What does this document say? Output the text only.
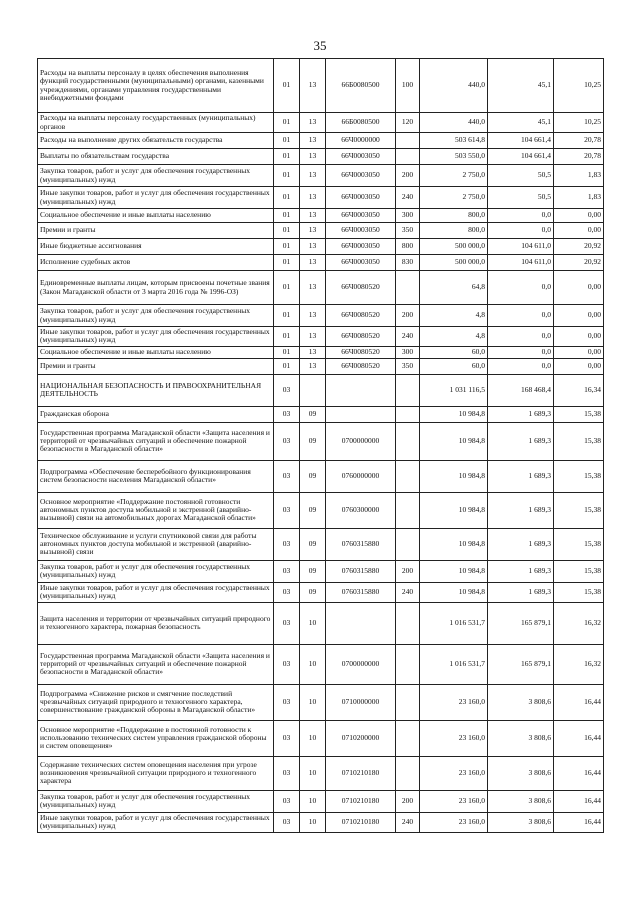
35
Расходы на выплаты персоналу в целях обеспечения выполнения функций государственными (муниципальными) органами, казенными учреждениями, органами управления государственными внебюджетными фондами	01	13	66Б0080500	100	440,0	45,1	10,25
Расходы на выплаты персоналу государственных (муниципальных) органов	01	13	66Б0080500	120	440,0	45,1	10,25
Расходы на выполнение других обязательств государства	01	13	66Ч0000000		503 614,8	104 661,4	20,78
Выплаты по обязательствам государства	01	13	66Ч0003050		503 550,0	104 661,4	20,78
Закупка товаров, работ и услуг для обеспечения государственных (муниципальных) нужд	01	13	66Ч0003050	200	2 750,0	50,5	1,83
Иные закупки товаров, работ и услуг для обеспечения государственных (муниципальных) нужд	01	13	66Ч0003050	240	2 750,0	50,5	1,83
Социальное обеспечение и иные выплаты населению	01	13	66Ч0003050	300	800,0	0,0	0,00
Премии и гранты	01	13	66Ч0003050	350	800,0	0,0	0,00
Иные бюджетные ассигнования	01	13	66Ч0003050	800	500 000,0	104 611,0	20,92
Исполнение судебных актов	01	13	66Ч0003050	830	500 000,0	104 611,0	20,92
Единовременные выплаты лицам, которым присвоены почетные звания (Закон Магаданской области от 3 марта 2016 года № 1996-ОЗ)	01	13	66Ч0080520		64,8	0,0	0,00
Закупка товаров, работ и услуг для обеспечения государственных (муниципальных) нужд	01	13	66Ч0080520	200	4,8	0,0	0,00
Иные закупки товаров, работ и услуг для обеспечения государственных (муниципальных) нужд	01	13	66Ч0080520	240	4,8	0,0	0,00
Социальное обеспечение и иные выплаты населению	01	13	66Ч0080520	300	60,0	0,0	0,00
Премии и гранты	01	13	66Ч0080520	350	60,0	0,0	0,00
НАЦИОНАЛЬНАЯ БЕЗОПАСНОСТЬ И ПРАВООХРАНИТЕЛЬНАЯ ДЕЯТЕЛЬНОСТЬ	03				1 031 116,5	168 468,4	16,34
Гражданская оборона	03	09			10 984,8	1 689,3	15,38
Государственная программа Магаданской области «Защита населения и территорий от чрезвычайных ситуаций и обеспечение пожарной безопасности в Магаданской области»	03	09	0700000000		10 984,8	1 689,3	15,38
Подпрограмма «Обеспечение бесперебойного функционирования систем безопасности населения Магаданской области»	03	09	0760000000		10 984,8	1 689,3	15,38
Основное мероприятие «Поддержание постоянной готовности автономных пунктов доступа мобильной и экстренной (аварийно-вызывной) связи на автомобильных дорогах Магаданской области»	03	09	0760300000		10 984,8	1 689,3	15,38
Техническое обслуживание и услуги спутниковой связи для работы автономных пунктов доступа мобильной и экстренной (аварийно-вызывной) связи	03	09	0760315880		10 984,8	1 689,3	15,38
Закупка товаров, работ и услуг для обеспечения государственных (муниципальных) нужд	03	09	0760315880	200	10 984,8	1 689,3	15,38
Иные закупки товаров, работ и услуг для обеспечения государственных (муниципальных) нужд	03	09	0760315880	240	10 984,8	1 689,3	15,38
Защита населения и территории от чрезвычайных ситуаций природного и техногенного характера, пожарная безопасность	03	10			1 016 531,7	165 879,1	16,32
Государственная программа Магаданской области «Защита населения и территорий от чрезвычайных ситуаций и обеспечение пожарной безопасности в Магаданской области»	03	10	0700000000		1 016 531,7	165 879,1	16,32
Подпрограмма «Снижение рисков и смягчение последствий чрезвычайных ситуаций природного и техногенного характера, совершенствование гражданской обороны в Магаданской области»	03	10	0710000000		23 160,0	3 808,6	16,44
Основное мероприятие «Поддержание в постоянной готовности к использованию технических систем управления гражданской обороны и систем оповещения»	03	10	0710200000		23 160,0	3 808,6	16,44
Содержание технических систем оповещения населения при угрозе возникновения чрезвычайной ситуации природного и техногенного характера	03	10	0710210180		23 160,0	3 808,6	16,44
Закупка товаров, работ и услуг для обеспечения государственных (муниципальных) нужд	03	10	0710210180	200	23 160,0	3 808,6	16,44
Иные закупки товаров, работ и услуг для обеспечения государственных (муниципальных) нужд	03	10	0710210180	240	23 160,0	3 808,6	16,44
